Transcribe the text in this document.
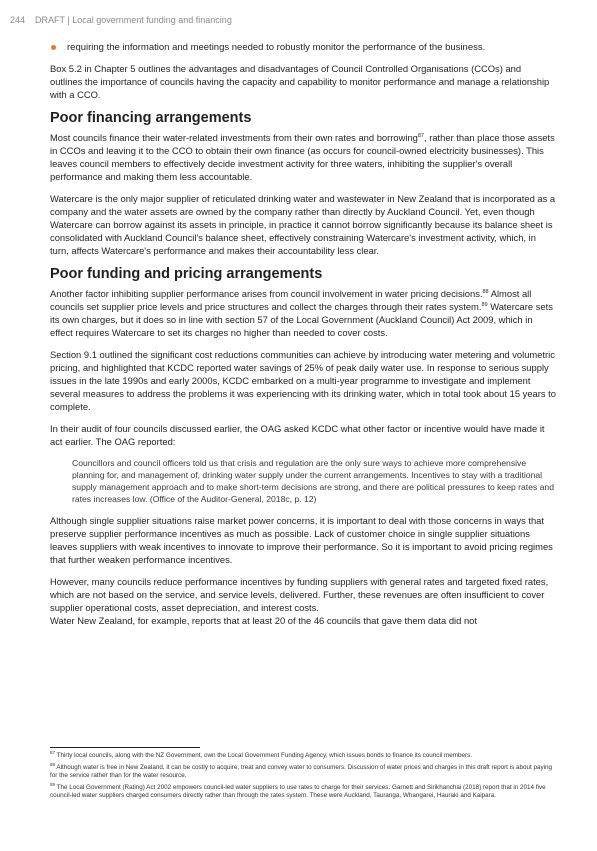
244 DRAFT | Local government funding and financing
requiring the information and meetings needed to robustly monitor the performance of the business.

Box 5.2 in Chapter 5 outlines the advantages and disadvantages of Council Controlled Organisations (CCOs) and outlines the importance of councils having the capacity and capability to monitor performance and manage a relationship with a CCO.

Poor financing arrangements

Most councils finance their water-related investments from their own rates and borrowing$^{87}$, rather than place those assets in CCOs and leaving it to the CCO to obtain their own finance (as occurs for council-owned electricity businesses). This leaves council members to effectively decide investment activity for three waters, inhibiting the supplier's overall performance and making them less accountable.

Watercare is the only major supplier of reticulated drinking water and wastewater in New Zealand that is incorporated as a company and the water assets are owned by the company rather than directly by Auckland Council. Yet, even though Watercare can borrow against its assets in principle, in practice it cannot borrow significantly because its balance sheet is consolidated with Auckland Council's balance sheet, effectively constraining Watercare's investment activity, which, in turn, affects Watercare's performance and makes their accountability less clear.

Poor funding and pricing arrangements

Another factor inhibiting supplier performance arises from council involvement in water pricing decisions.$^{88}$ Almost all councils set supplier price levels and price structures and collect the charges through their rates system.$^{89}$ Watercare sets its own charges, but it does so in line with section 57 of the Local Government (Auckland Council) Act 2009, which in effect requires Watercare to set its charges no higher than needed to cover costs.

Section 9.1 outlined the significant cost reductions communities can achieve by introducing water metering and volumetric pricing, and highlighted that KCDC reported water savings of 25% of peak daily water use. In response to serious supply issues in the late 1990s and early 2000s, KCDC embarked on a multi-year programme to investigate and implement several measures to address the problems it was experiencing with its drinking water, which in total took about 15 years to complete.

In their audit of four councils discussed earlier, the OAG asked KCDC what other factor or incentive would have made it act earlier. The OAG reported:

Councillors and council officers told us that crisis and regulation are the only sure ways to achieve more comprehensive planning for, and management of, drinking water supply under the current arrangements. Incentives to stay with a traditional supply management approach and to make short-term decisions are strong, and there are political pressures to keep rates and rates increases low. (Office of the Auditor-General, 2018c, p. 12)

Although single supplier situations raise market power concerns, it is important to deal with those concerns in ways that preserve supplier performance incentives as much as possible. Lack of customer choice in single supplier situations leaves suppliers with weak incentives to innovate to improve their performance. So it is important to avoid pricing regimes that further weaken performance incentives.

However, many councils reduce performance incentives by funding suppliers with general rates and targeted fixed rates, which are not based on the service, and service levels, delivered. Further, these revenues are often insufficient to cover supplier operational costs, asset depreciation, and interest costs.

Water New Zealand, for example, reports that at least 20 of the 46 councils that gave them data did not

$^{87}$ Thirty local councils, along with the NZ Government, own the Local Government Funding Agency, which issues bonds to finance its council members.

$^{88}$ Although water is free in New Zealand, it can be costly to acquire, treat and convey water to consumers. Discussion of water prices and charges in this draft report is about paying for the service rather than for the water resource.

$^{89}$ The Local Government (Rating) Act 2002 empowers council-led water suppliers to use rates to charge for their services. Garnett and Sirikhanchai (2018) report that in 2014 five council-led water suppliers charged consumers directly rather than through the rates system. These were Auckland, Tauranga, Whangarei, Hauraki and Kaipara.
